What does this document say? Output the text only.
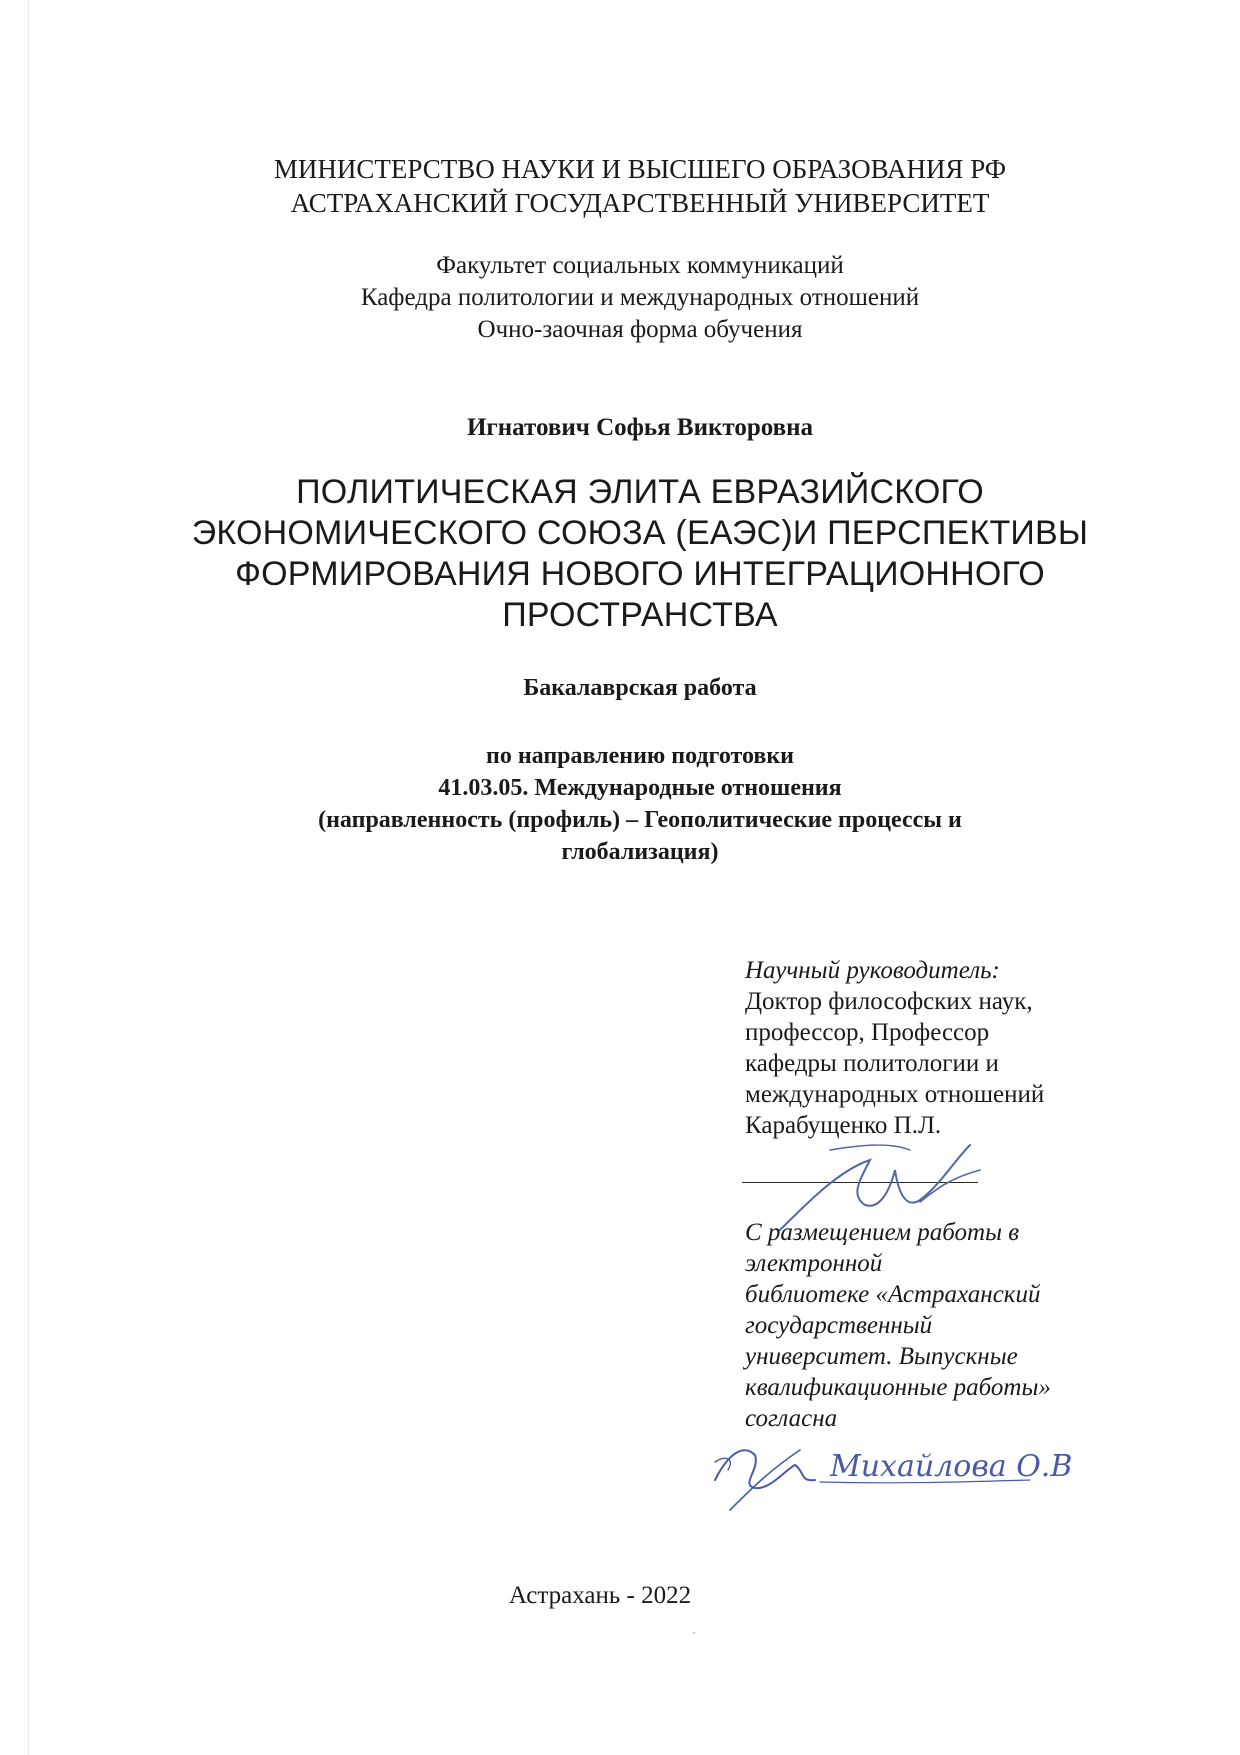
МИНИСТЕРСТВО НАУКИ И ВЫСШЕГО ОБРАЗОВАНИЯ РФ
АСТРАХАНСКИЙ ГОСУДАРСТВЕННЫЙ УНИВЕРСИТЕТ
Факультет социальных коммуникаций
Кафедра политологии и международных отношений
Очно-заочная форма обучения
Игнатович Софья Викторовна
ПОЛИТИЧЕСКАЯ ЭЛИТА ЕВРАЗИЙСКОГО
ЭКОНОМИЧЕСКОГО СОЮЗА (ЕАЭС)И ПЕРСПЕКТИВЫ
ФОРМИРОВАНИЯ НОВОГО ИНТЕГРАЦИОННОГО
ПРОСТРАНСТВА
Бакалаврская работа
по направлению подготовки
41.03.05. Международные отношения
(направленность (профиль) – Геополитические процессы и
глобализация)
Научный руководитель:
Доктор философских наук,
профессор, Профессор
кафедры политологии и
международных отношений
Карабущенко П.Л.
С размещением работы в
электронной
библиотеке «Астраханский
государственный
университет. Выпускные
квалификационные работы»
согласна
Михайлова О.В
Астрахань - 2022
